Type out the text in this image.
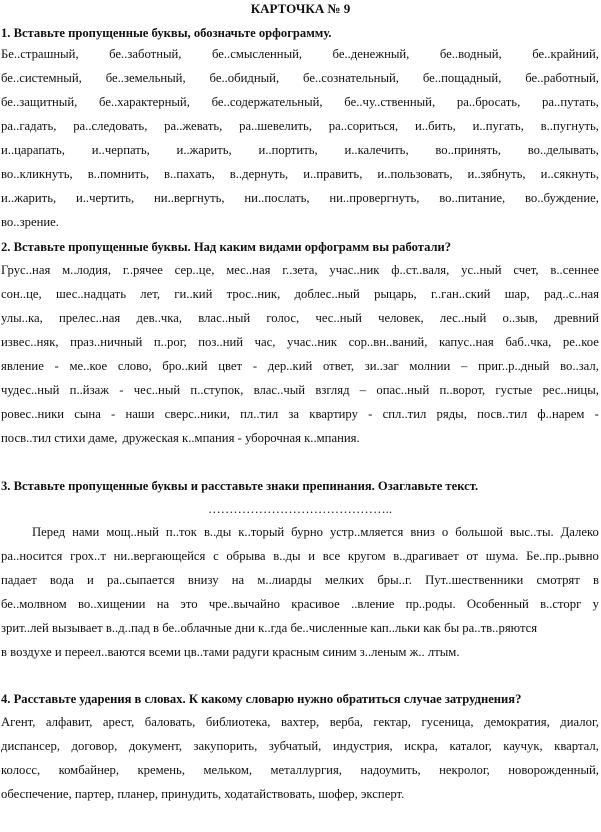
КАРТОЧКА № 9
1. Вставьте пропущенные буквы, обозначьте орфограмму.
Бе..страшный, бе..заботный, бе..смысленный, бе..денежный, бе..водный, бе..крайний,
бе..системный, бе..земельный, бе..обидный, бе..сознательный, бе..пощадный, бе..работный,
бе..защитный, бе..характерный, бе..содержательный, бе..чу..ственный, ра..бросать, ра..путать,
ра..гадать, ра..следовать, ра..жевать, ра..шевелить, ра..сориться, и..бить, и..пугать, в..пугнуть,
и..царапать, и..черпать, и..жарить, и..портить, и..калечить, во..принять, во..делывать,
во..кликнуть, в..помнить, в..пахать, в..дернуть, и..править, и..пользовать, и..зябнуть, и..сякнуть,
и..жарить, и..чертить, ни..вергнуть, ни..послать, ни..провергнуть, во..питание, во..буждение,
во..зрение.
2. Вставьте пропущенные буквы. Над каким видами орфограмм вы работали?
Грус..ная м..лодия, г..рячее сер..це, мес..ная г..зета, учас..ник ф..ст..валя, ус..ный счет, в..сеннее
сон..це, шес..надцать лет, ги..кий трос..ник, доблес..ный рыцарь, г..ган..ский шар, рад..с..ная
улы..ка, прелес..ная дев..чка, влас..ный голос, чес..ный человек, лес..ный о..зыв, древний
извес..няк, праз..ничный п..рог, поз..ний час, учас..ник сор..вн..ваний, капус..ная баб..чка, ре..кое
явление - ме..кое слово, бро..кий цвет - дер..кий ответ, зи..заг молнии – приг..р..дный во..зал,
чудес..ный п..йзаж - чес..ный п..ступок, влас..чый взгляд – опас..ный п..ворот, густые рес..ницы,
ровес..ники сына - наши сверс..ники, пл..тил за квартиру - спл..тил ряды, посв..тил ф..нарем -
посв..тил стихи даме, дружеская к..мпания - уборочная к..мпания.
3. Вставьте пропущенные буквы и расставьте знаки препинания. Озаглавьте текст.
……………………………………..
Перед нами мощ..ный п..ток в..ды к..торый бурно устр..мляется вниз о большой выс..ты. Далеко
ра..носится грох..т ни..вергающейся с обрыва в..ды и все кругом в..драгивает от шума. Бе..пр..рывно
падает вода и ра..сыпается внизу на м..лиарды мелких бры..г. Пут..шественники смотрят в
бе..молвном во..хищении на это чре..вычайно красивое ..вление пр..роды. Особенный в..сторг у
зрит..лей вызывает в..д..пад в бе..облачные дни к..гда бе..численные кап..льки как бы ра..тв..ряются
в воздухе и переел..ваются всеми цв..тами радуги красным синим з..леным ж.. лтым.
4. Расставьте ударения в словах. К какому словарю нужно обратиться случае затруднения?
Агент, алфавит, арест, баловать, библиотека, вахтер, верба, гектар, гусеница, демократия, диалог,
диспансер, договор, документ, закупорить, зубчатый, индустрия, искра, каталог, каучук, квартал,
колосс, комбайнер, кремень, мельком, металлургия, надоумить, некролог, новорожденный,
обеспечение, партер, планер, принудить, ходатайствовать, шофер, эксперт.
